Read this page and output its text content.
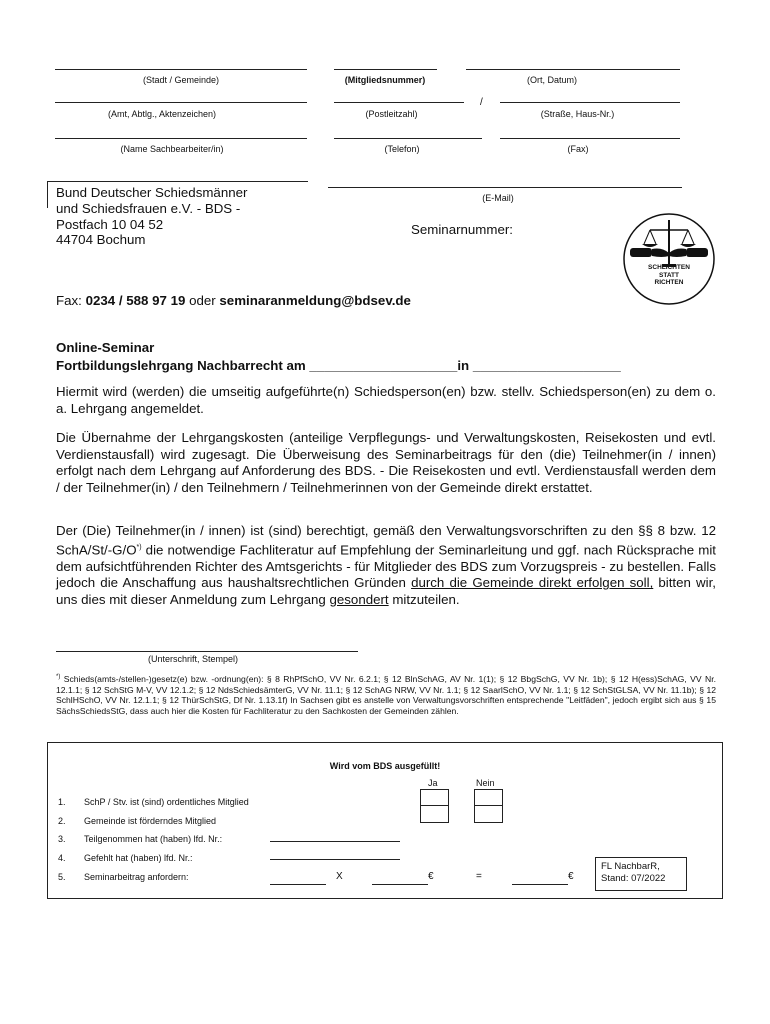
(Stadt / Gemeinde)	(Mitgliedsnummer)	(Ort, Datum)
(Amt, Abtlg., Aktenzeichen)	(Postleitzahl)
/
(Straße, Haus-Nr.)
(Name Sachbearbeiter/in)	(Telefon)	(Fax)
(E-Mail)
Bund Deutscher Schiedsmänner
und Schiedsfrauen e.V. - BDS -
Postfach 10 04 52
44704 Bochum
Seminarnummer:
SCHLICHTEN
STATT
RICHTEN
Fax: 0234 / 588 97 19 oder seminaranmeldung@bdsev.de
Online-Seminar
Fortbildungslehrgang Nachbarrecht am ____________________in ____________________
Hiermit wird (werden) die umseitig aufgeführte(n) Schiedsperson(en) bzw. stellv. Schiedsperson(en) zu dem o. a. Lehrgang angemeldet.
Die Übernahme der Lehrgangskosten (anteilige Verpflegungs- und Verwaltungskosten, Reisekosten und evtl. Verdienstausfall) wird zugesagt. Die Überweisung des Seminarbeitrags für den (die) Teilnehmer(in / innen) erfolgt nach dem Lehrgang auf Anforderung des BDS. - Die Reisekosten und evtl. Verdienstausfall werden dem / der Teilnehmer(in) / den Teilnehmern / Teilnehmerinnen von der Gemeinde direkt erstattet.
Der (Die) Teilnehmer(in / innen) ist (sind) berechtigt, gemäß den Verwaltungsvorschriften zu den §§ 8 bzw. 12 SchA/St/-G/O*) die notwendige Fachliteratur auf Empfehlung der Seminarleitung und ggf. nach Rücksprache mit dem aufsichtführenden Richter des Amtsgerichts - für Mitglieder des BDS zum Vorzugspreis - zu bestellen. Falls jedoch die Anschaffung aus haushaltsrechtlichen Gründen durch die Gemeinde direkt erfolgen soll, bitten wir, uns dies mit dieser Anmeldung zum Lehrgang gesondert mitzuteilen.
(Unterschrift, Stempel)
*) Schieds(amts-/stellen-)gesetz(e) bzw. -ordnung(en): § 8 RhPfSchO, VV Nr. 6.2.1; § 12 BlnSchAG, AV Nr. 1(1); § 12 BbgSchG, VV Nr. 1b); § 12 H(ess)SchAG, VV Nr. 12.1.1; § 12 SchStG M-V, VV 12.1.2; § 12 NdsSchiedsämterG, VV Nr. 11.1; § 12 SchAG NRW, VV Nr. 1.1; § 12 SaarlSchO, VV Nr. 1.1; § 12 SchStGLSA, VV Nr. 11.1b); § 12 SchlHSchO, VV Nr. 12.1.1; § 12 ThürSchStG, Df Nr. 1.13.1f) In Sachsen gibt es anstelle von Verwaltungsvorschriften entsprechende "Leitfäden", jedoch ergibt sich aus § 15 SächsSchiedsStG, dass auch hier die Kosten für Fachliteratur zu den Sachkosten der Gemeinden zählen.
Wird vom BDS ausgefüllt!
Ja	Nein
1. SchP / Stv. ist (sind) ordentliches Mitglied
2. Gemeinde ist förderndes Mitglied
3. Teilgenommen hat (haben) lfd. Nr.:
4. Gefehlt hat (haben) lfd. Nr.:
5. Seminarbeitrag anfordern:	X	€	=	€
FL NachbarR,
Stand: 07/2022
